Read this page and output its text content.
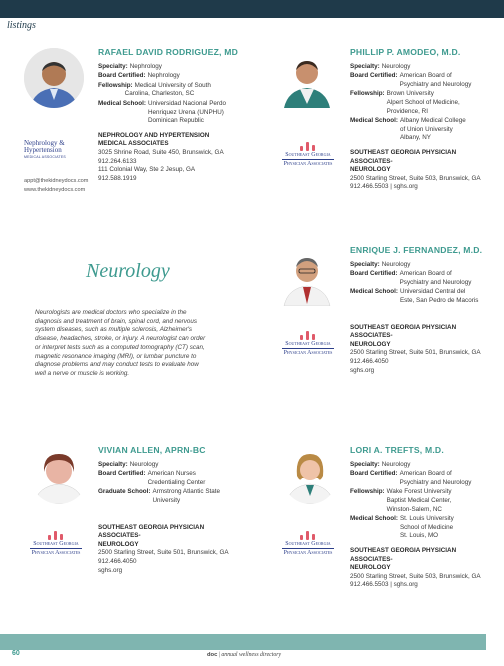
listings
Nephrology &
Hypertension
MEDICAL ASSOCIATES
appt@thekidneydocs.com
www.thekidneydocs.com
RAFAEL DAVID RODRIGUEZ, MD
Specialty: Nephrology
Board Certified: Nephrology
Fellowship: Medical University of South
Carolina, Charleston, SC
Medical School: Universidad Nacional Perdo
Henriquez Urena (UNPHU)
Dominican Republic
NEPHROLOGY AND HYPERTENSION
MEDICAL ASSOCIATES
3025 Shrine Road, Suite 450, Brunswick, GA
912.264.6133
111 Colonial Way, Ste 2 Jesup, GA
912.588.1919
Southeast Georgia
Physician Associates
PHILLIP P. AMODEO, M.D.
Specialty: Neurology
Board Certified: American Board of
Psychiatry and Neurology
Fellowship: Brown University
Alpert School of Medicine,
Providence, RI
Medical School: Albany Medical College
of Union University
Albany, NY
SOUTHEAST GEORGIA PHYSICIAN ASSOCIATES-
NEUROLOGY
2500 Starling Street, Suite 503, Brunswick, GA
912.466.5503 | sghs.org
Neurology
Neurologists are medical doctors who specialize in the
diagnosis and treatment of brain, spinal cord, and nervous
system diseases, such as multiple sclerosis, Alzheimer's
disease, headaches, stroke, or injury. A neurologist can order
or interpret tests such as a computed tomography (CT) scan,
magnetic resonance imaging (MRI), or lumbar puncture to
diagnose problems and may conduct tests to evaluate how
well a nerve or muscle is working.
Southeast Georgia
Physician Associates
ENRIQUE J. FERNANDEZ, M.D.
Specialty: Neurology
Board Certified: American Board of
Psychiatry and Neurology
Medical School: Universidad Central del
Este, San Pedro de Macoris
SOUTHEAST GEORGIA PHYSICIAN ASSOCIATES-
NEUROLOGY
2500 Starling Street, Suite 501, Brunswick, GA
912.466.4050
sghs.org
Southeast Georgia
Physician Associates
VIVIAN ALLEN, APRN-BC
Specialty: Neurology
Board Certified: American Nurses
Credentialing Center
Graduate School: Armstrong Atlantic State
University
SOUTHEAST GEORGIA PHYSICIAN ASSOCIATES-
NEUROLOGY
2500 Starling Street, Suite 501, Brunswick, GA
912.466.4050
sghs.org
Southeast Georgia
Physician Associates
LORI A. TREFTS, M.D.
Specialty: Neurology
Board Certified: American Board of
Psychiatry and Neurology
Fellowship: Wake Forest University
Baptist Medical Center,
Winston-Salem, NC
Medical School: St. Louis University
School of Medicine
St. Louis, MO
SOUTHEAST GEORGIA PHYSICIAN ASSOCIATES-
NEUROLOGY
2500 Starling Street, Suite 503, Brunswick, GA
912.466.5503 | sghs.org
60	doc | annual wellness directory
